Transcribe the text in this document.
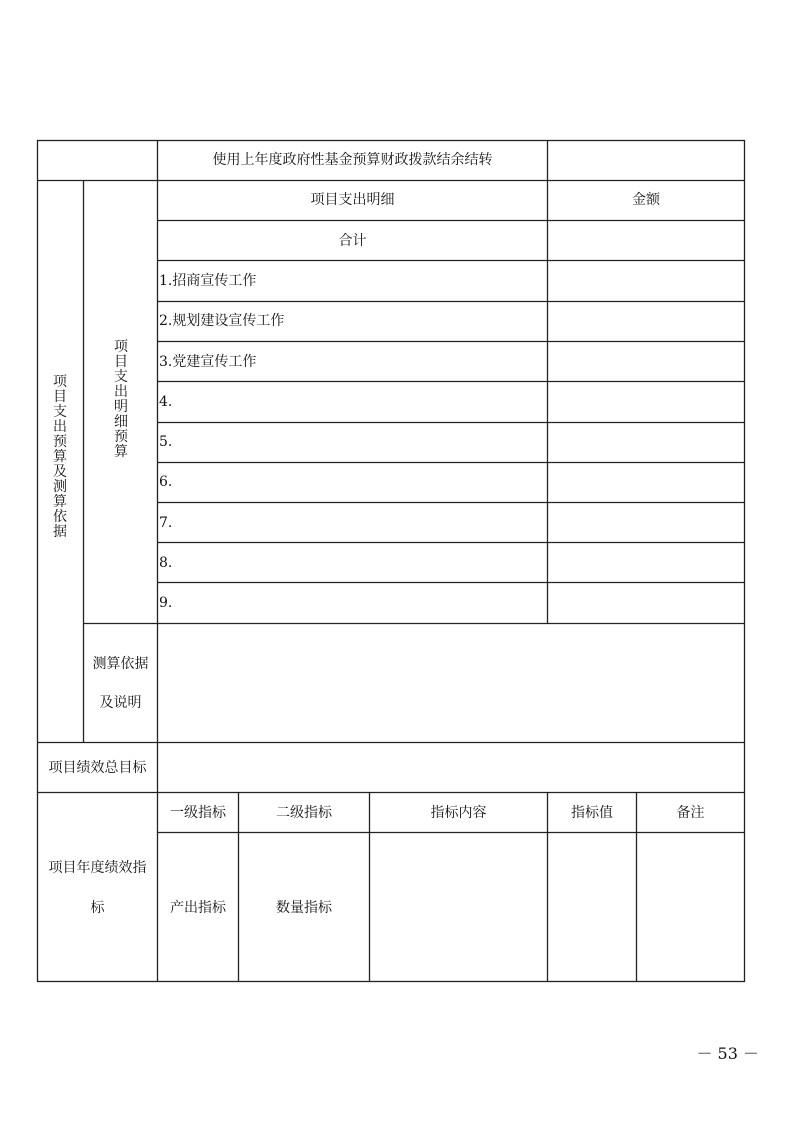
使用上年度政府性基金预算财政拨款结余结转
项目支出预算及测算依据
项目支出明细预算
项目支出明细	金额
合计
1.招商宣传工作
2.规划建设宣传工作
3.党建宣传工作
4.
5.
6.
7.
8.
9.
测算依据
及说明
项目绩效总目标
项目年度绩效指
标
一级指标	二级指标	指标内容	指标值	备注
产出指标	数量指标
－ 53 －
